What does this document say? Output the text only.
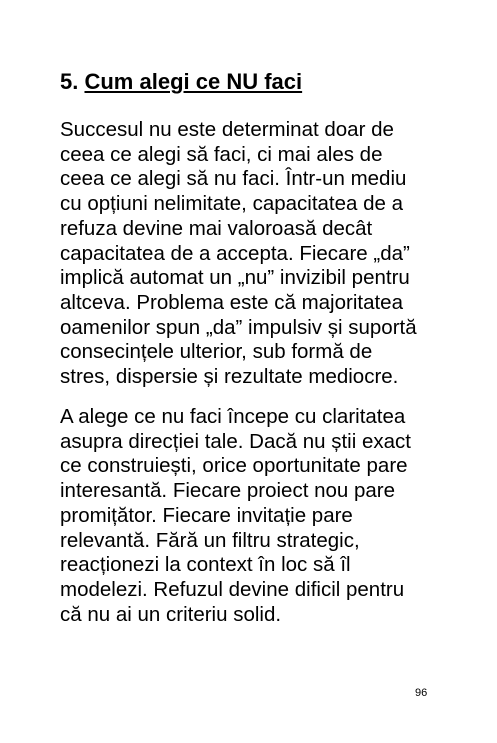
5. Cum alegi ce NU faci
Succesul nu este determinat doar de
ceea ce alegi să faci, ci mai ales de
ceea ce alegi să nu faci. Într-un mediu
cu opțiuni nelimitate, capacitatea de a
refuza devine mai valoroasă decât
capacitatea de a accepta. Fiecare „da”
implică automat un „nu” invizibil pentru
altceva. Problema este că majoritatea
oamenilor spun „da” impulsiv și suportă
consecințele ulterior, sub formă de
stres, dispersie și rezultate mediocre.
A alege ce nu faci începe cu claritatea
asupra direcției tale. Dacă nu știi exact
ce construiești, orice oportunitate pare
interesantă. Fiecare proiect nou pare
promițător. Fiecare invitație pare
relevantă. Fără un filtru strategic,
reacționezi la context în loc să îl
modelezi. Refuzul devine dificil pentru
că nu ai un criteriu solid.
96
